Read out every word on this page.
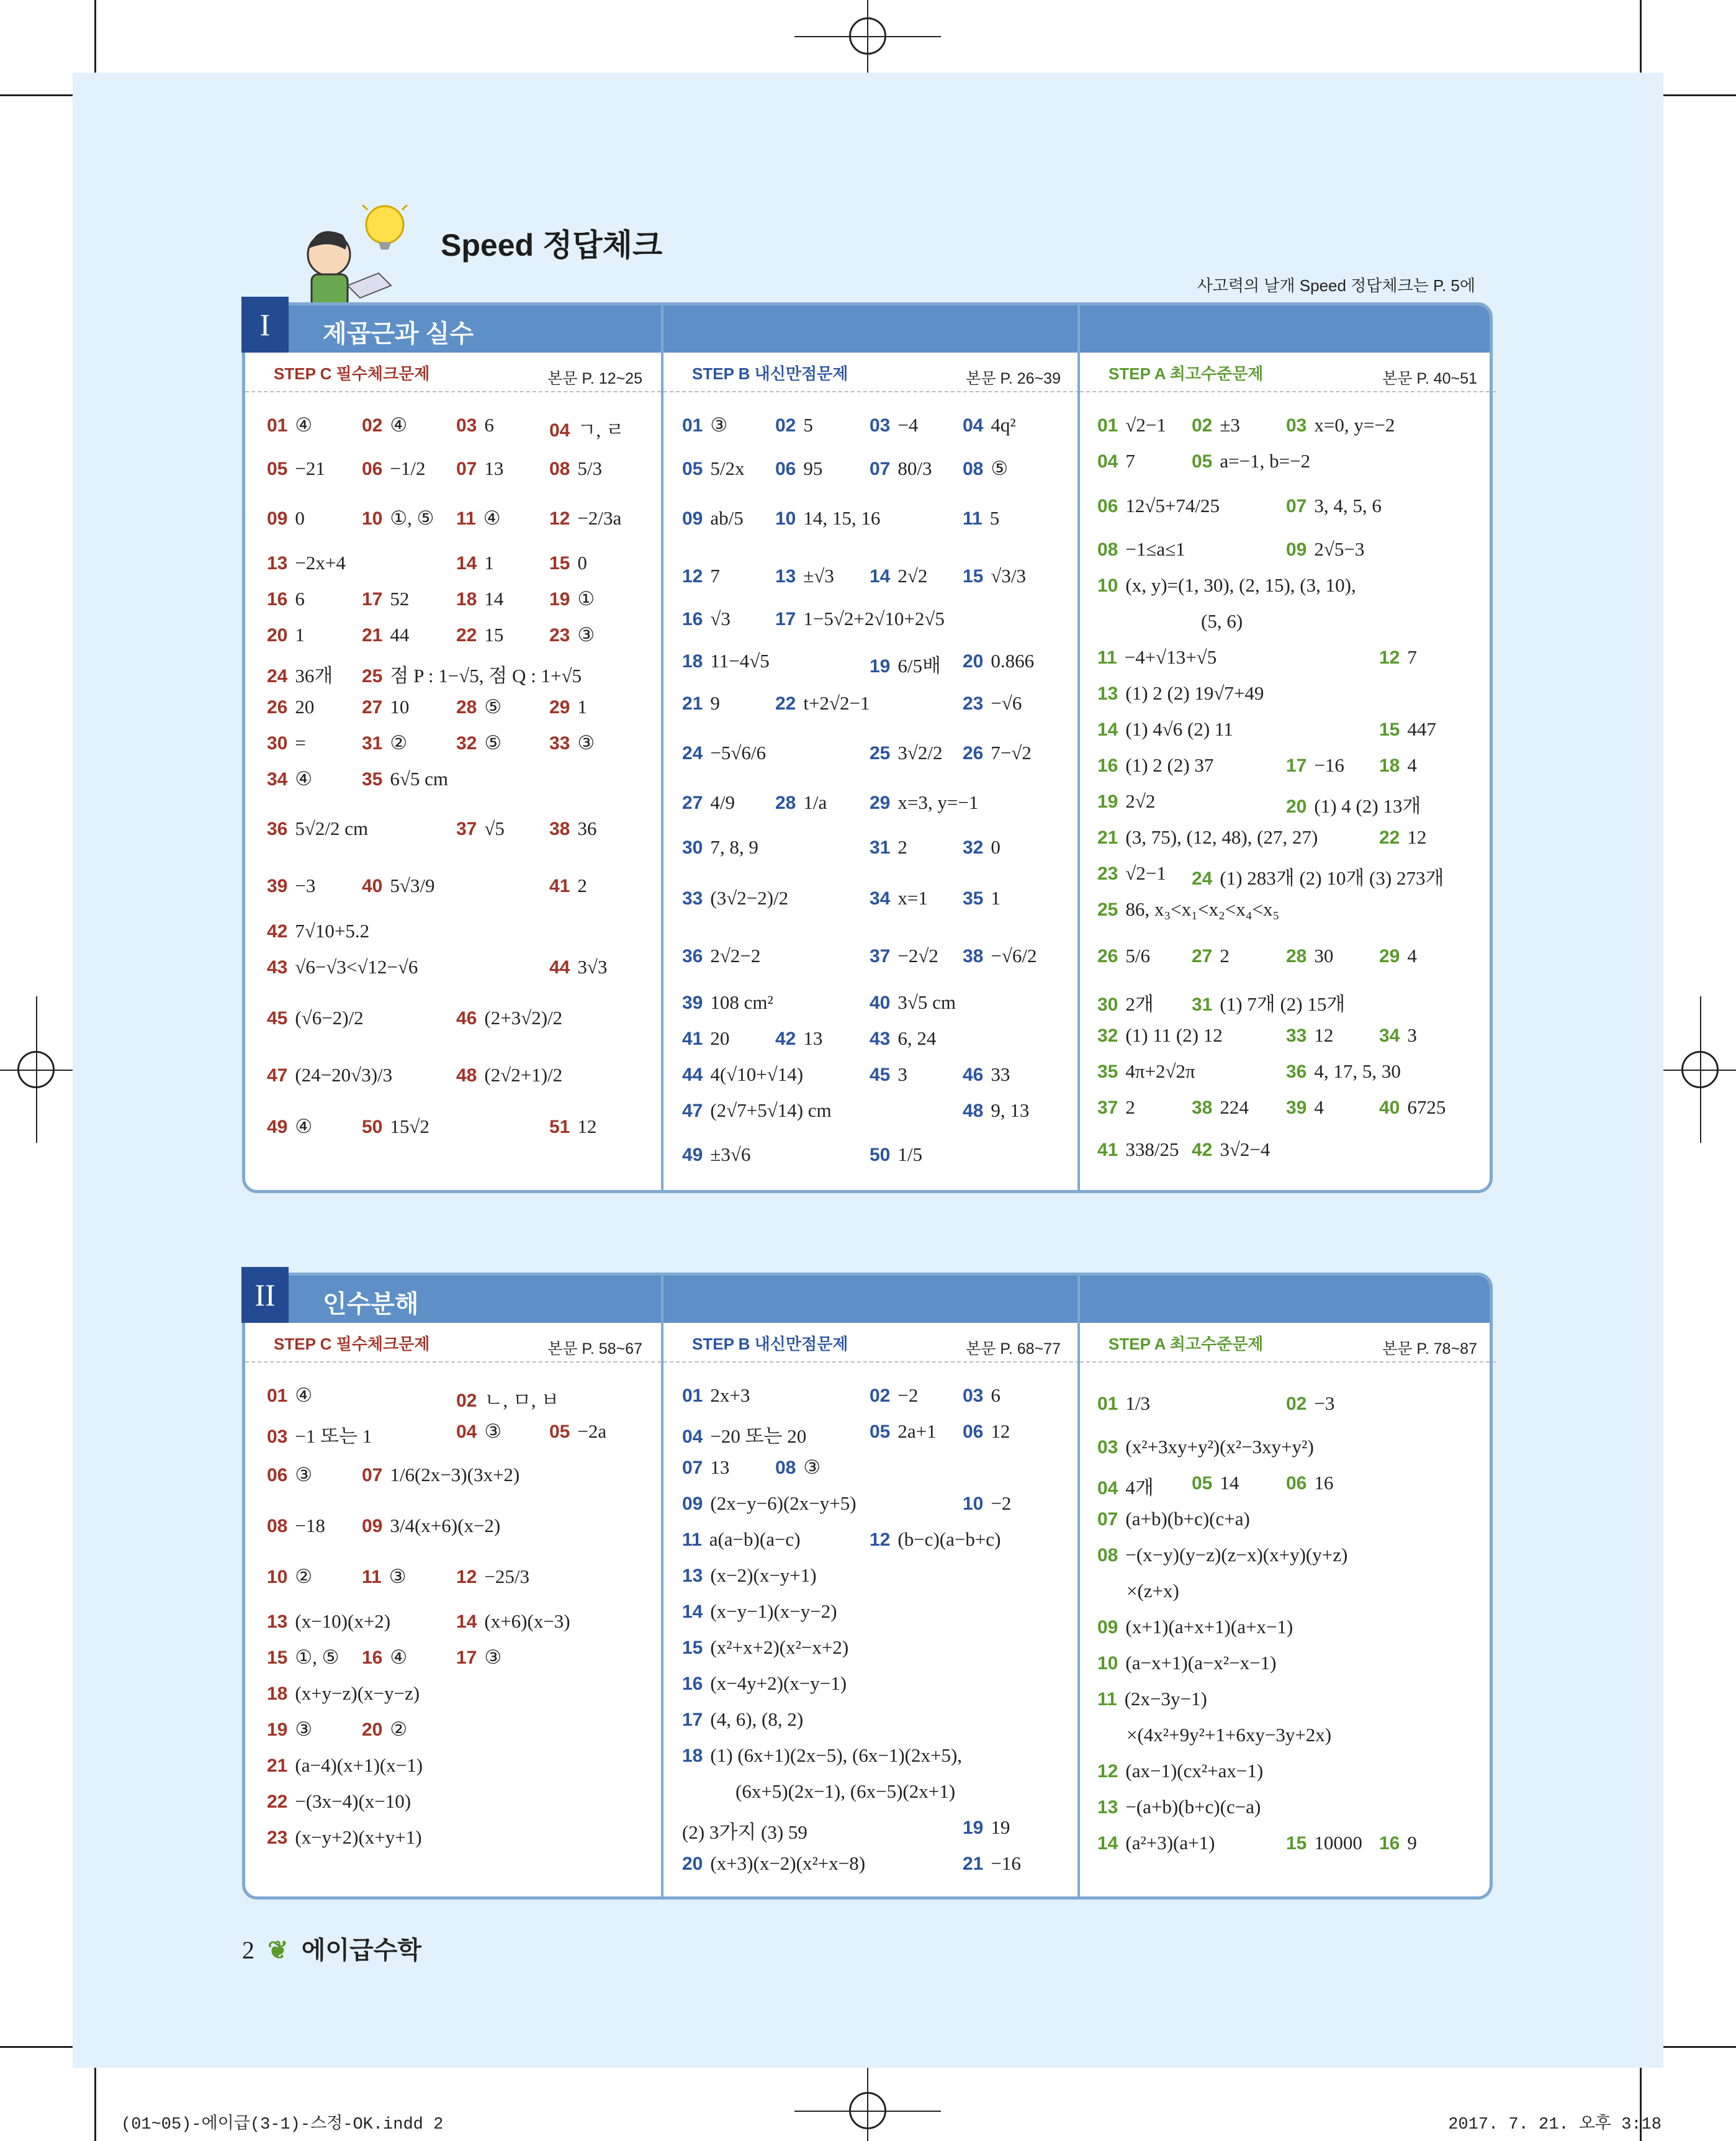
Speed 정답체크
사고력의 날개 Speed 정답체크는 P. 5에
I	제곱근과 실수
STEP C 필수체크문제	본문 P. 12~25
01 ④	02 ④	03 6	04 ㄱ, ㄹ
05 −21 06 −1/2 07 13 08 5/3
09 0	10 ①, ⑤ 11 ④	12 −2/3a
13 −2x+4	14 1	15 0
16 6	17 52	18 14 19 ①
20 1	21 44	22 15 23 ③
24 36개 25 점 P : 1−√5, 점 Q : 1+√5
26 20	27 10	28 ⑤	29 1
30 =	31 ②	32 ⑤	33 ③
34 ④	35 6√5 cm
36 5√2/2 cm	37 √5 38 36
39 −3 40 5√3/9	41 2
42 7√10+5.2
43 √6−√3<√12−√6	44 3√3
45 (√6−2)/2	46 (2+3√2)/2
47 (24−20√3)/3	48 (2√2+1)/2
49 ④	50 15√2	51 12
STEP B 내신만점문제	본문 P. 26~39
01 ③	02 5	03 −4 04 4q²
05 5/2x 06 95	07 80/3 08 ⑤
09 ab/5 10 14, 15, 16	11 5
12 7	13 ±√3 14 2√2 15 √3/3
16 √3 17 1−5√2+2√10+2√5
18 11−4√5	19 6/5배 20 0.866
21 9	22 t+2√2−1	23 −√6
24 −5√6/6	25 3√2/2 26 7−√2
27 4/9 28 1/a 29 x=3, y=−1
30 7, 8, 9	31 2	32 0
33 (3√2−2)/2	34 x=1 35 1
36 2√2−2	37 −2√2 38 −√6/2
39 108 cm²	40 3√5 cm
41 20 42 13	43 6, 24
44 4(√10+√14)	45 3	46 33
47 (2√7+5√14) cm	48 9, 13
49 ±3√6	50 1/5
STEP A 최고수준문제	본문 P. 40~51
01 √2−1 02 ±3 03 x=0, y=−2
04 7	05 a=−1, b=−2
06 12√5+74/25	07 3, 4, 5, 6
08 −1≤a≤1	09 2√5−3
10 (x, y)=(1, 30), (2, 15), (3, 10),
(5, 6)
11 −4+√13+√5	12 7
13 (1) 2 (2) 19√7+49
14 (1) 4√6 (2) 11	15 447
16 (1) 2 (2) 37	17 −16 18 4
19 2√2	20 (1) 4 (2) 13개
21 (3, 75), (12, 48), (27, 27)	22 12
23 √2−1 24 (1) 283개 (2) 10개 (3) 273개
25 86, x₃<x₁<x₂<x₄<x₅
26 5/6 27 2	28 30 29 4
30 2개 31 (1) 7개 (2) 15개
32 (1) 11 (2) 12	33 12 34 3
35 4π+2√2π	36 4, 17, 5, 30
37 2	38 224 39 4	40 6725
41 338/25 42 3√2−4
II	인수분해
STEP C 필수체크문제	본문 P. 58~67
01 ④	02 ㄴ, ㅁ, ㅂ
03 −1 또는 1	04 ③	05 −2a
06 ③	07 1/6(2x−3)(3x+2)
08 −18 09 3/4(x+6)(x−2)
10 ②	11 ③	12 −25/3
13 (x−10)(x+2)	14 (x+6)(x−3)
15 ①, ⑤ 16 ④	17 ③
18 (x+y−z)(x−y−z)
19 ③	20 ②
21 (a−4)(x+1)(x−1)
22 −(3x−4)(x−10)
23 (x−y+2)(x+y+1)
STEP B 내신만점문제	본문 P. 68~77
01 2x+3	02 −2 03 6
04 −20 또는 20	05 2a+1 06 12
07 13 08 ③
09 (2x−y−6)(2x−y+5)	10 −2
11 a(a−b)(a−c)	12 (b−c)(a−b+c)
13 (x−2)(x−y+1)
14 (x−y−1)(x−y−2)
15 (x²+x+2)(x²−x+2)
16 (x−4y+2)(x−y−1)
17 (4, 6), (8, 2)
18 (1) (6x+1)(2x−5), (6x−1)(2x+5),
(6x+5)(2x−1), (6x−5)(2x+1)
(2) 3가지 (3) 59	19 19
20 (x+3)(x−2)(x²+x−8)	21 −16
STEP A 최고수준문제	본문 P. 78~87
01 1/3	02 −3
03 (x²+3xy+y²)(x²−3xy+y²)
04 4개 05 14	06 16
07 (a+b)(b+c)(c+a)
08 −(x−y)(y−z)(z−x)(x+y)(y+z)
×(z+x)
09 (x+1)(a+x+1)(a+x−1)
10 (a−x+1)(a−x²−x−1)
11 (2x−3y−1)
×(4x²+9y²+1+6xy−3y+2x)
12 (ax−1)(cx²+ax−1)
13 −(a+b)(b+c)(c−a)
14 (a²+3)(a+1)	15 10000 16 9
2 ❦ 에이급수학
(01~05)-에이급(3-1)-스정-OK.indd 2	2017. 7. 21. 오후 3:18
